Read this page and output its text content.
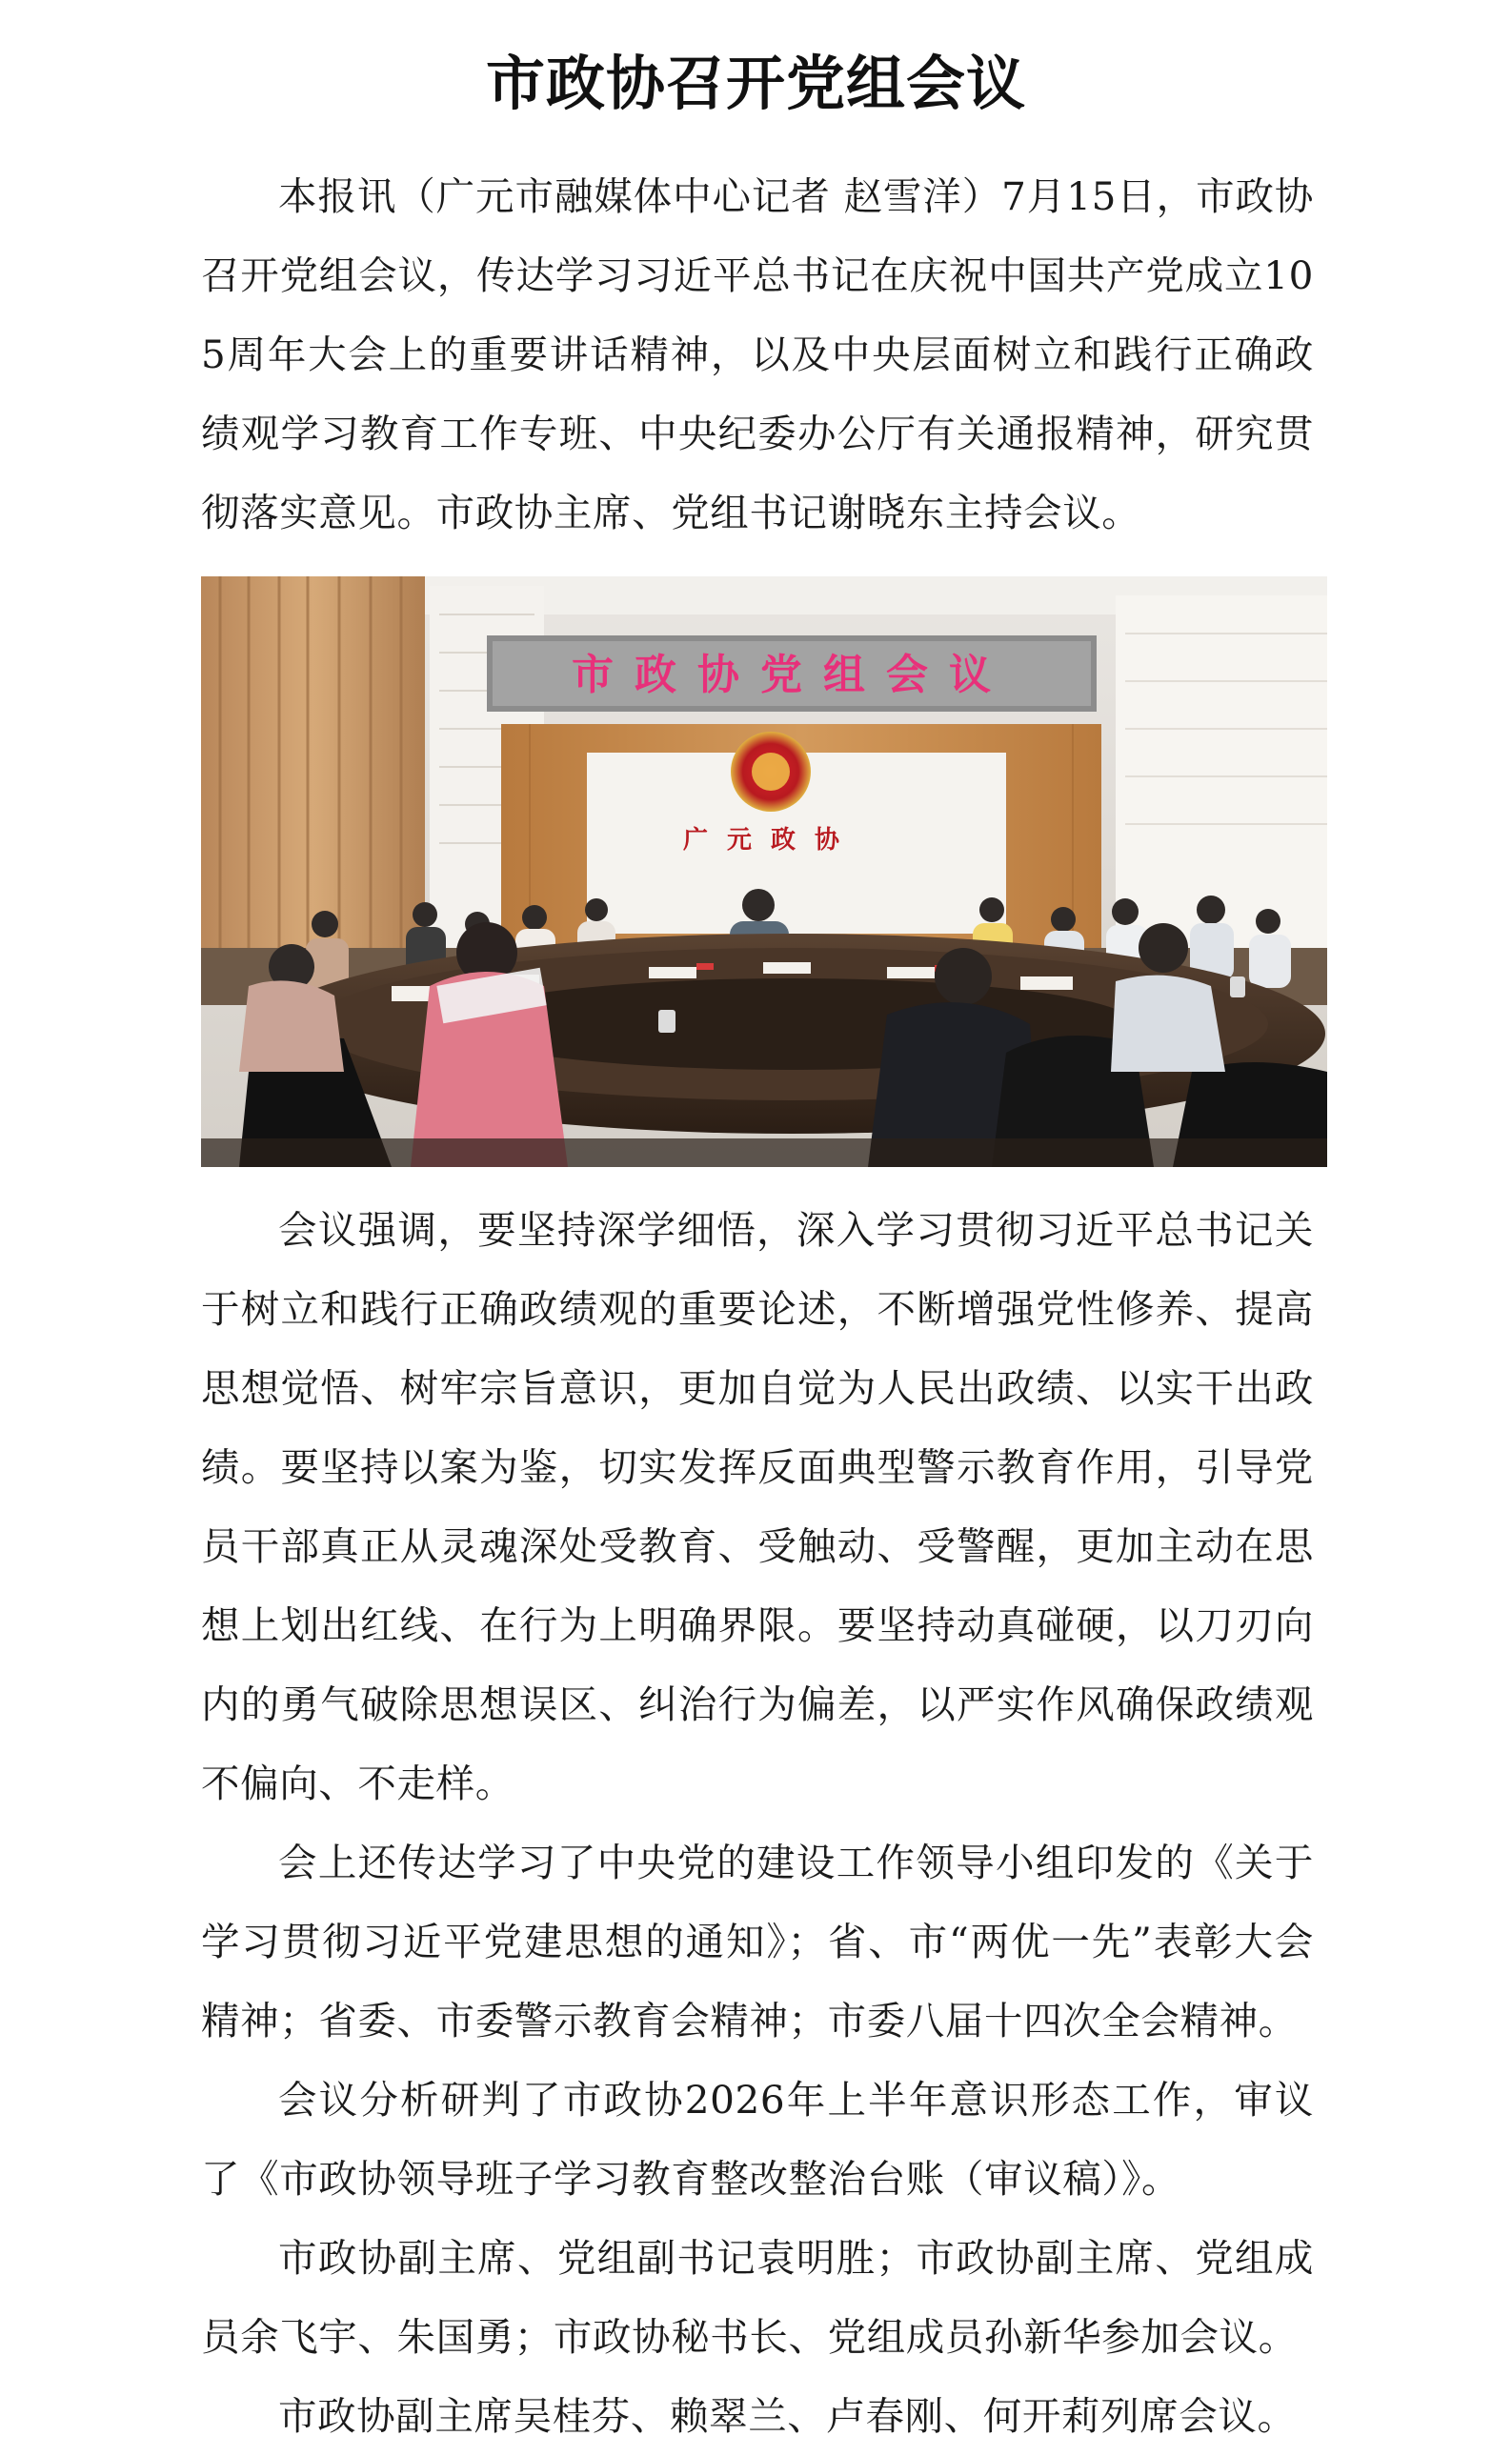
市政协召开党组会议

本报讯（广元市融媒体中心记者 赵雪洋）7月15日，市政协召开党组会议，传达学习习近平总书记在庆祝中国共产党成立105周年大会上的重要讲话精神，以及中央层面树立和践行正确政绩观学习教育工作专班、中央纪委办公厅有关通报精神，研究贯彻落实意见。市政协主席、党组书记谢晓东主持会议。

市政协党组会议
广元政协

会议强调，要坚持深学细悟，深入学习贯彻习近平总书记关于树立和践行正确政绩观的重要论述，不断增强党性修养、提高思想觉悟、树牢宗旨意识，更加自觉为人民出政绩、以实干出政绩。要坚持以案为鉴，切实发挥反面典型警示教育作用，引导党员干部真正从灵魂深处受教育、受触动、受警醒，更加主动在思想上划出红线、在行为上明确界限。要坚持动真碰硬，以刀刃向内的勇气破除思想误区、纠治行为偏差，以严实作风确保政绩观不偏向、不走样。

会上还传达学习了中央党的建设工作领导小组印发的《关于学习贯彻习近平党建思想的通知》；省、市“两优一先”表彰大会精神；省委、市委警示教育会精神；市委八届十四次全会精神。

会议分析研判了市政协2026年上半年意识形态工作，审议了《市政协领导班子学习教育整改整治台账（审议稿）》。

市政协副主席、党组副书记袁明胜；市政协副主席、党组成员余飞宇、朱国勇；市政协秘书长、党组成员孙新华参加会议。

市政协副主席吴桂芬、赖翠兰、卢春刚、何开莉列席会议。
